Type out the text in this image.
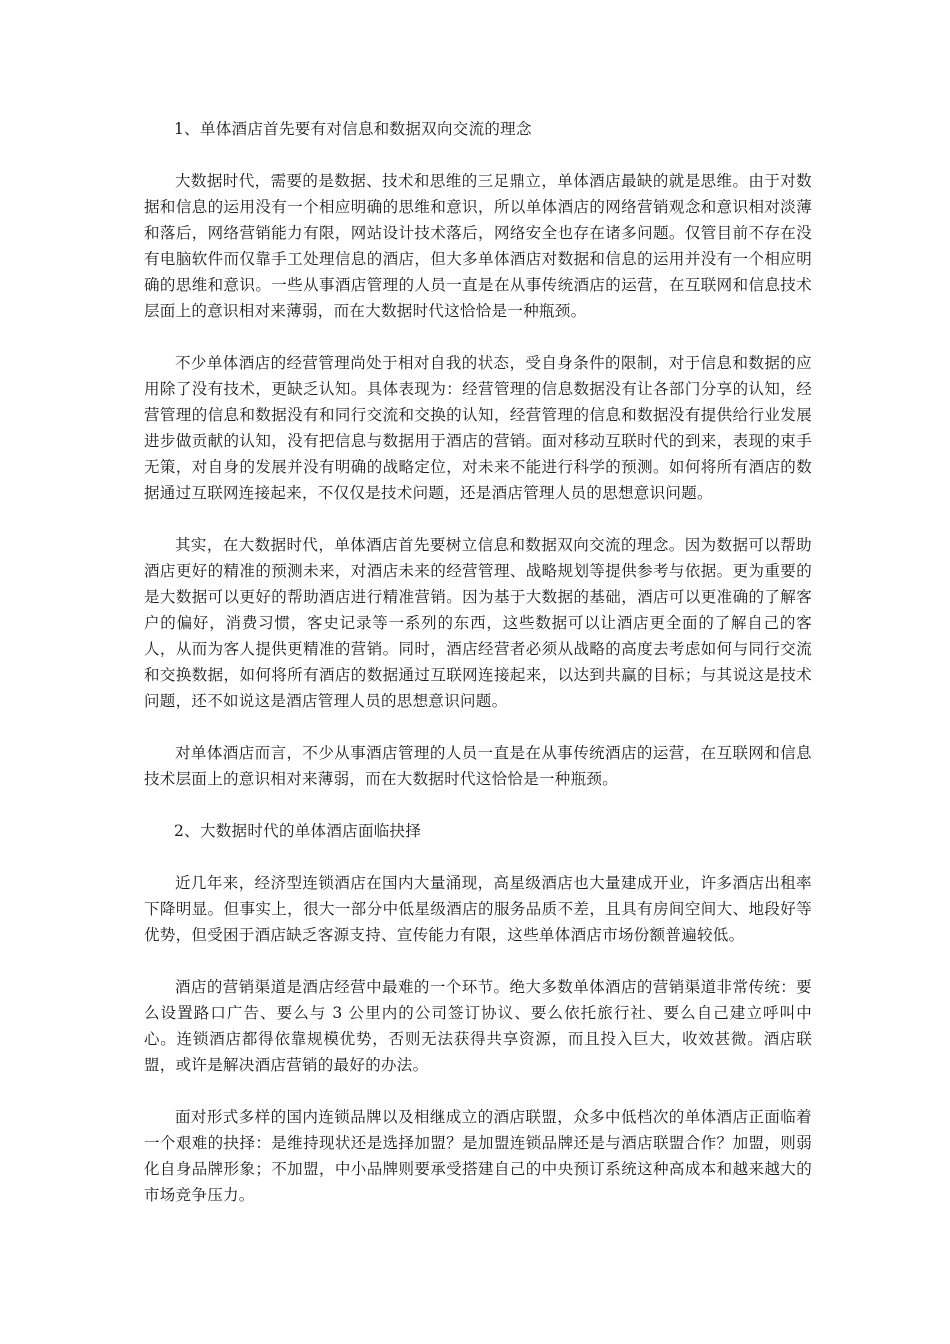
1、单体酒店首先要有对信息和数据双向交流的理念

大数据时代，需要的是数据、技术和思维的三足鼎立，单体酒店最缺的就是思维。由于对数据和信息的运用没有一个相应明确的思维和意识，所以单体酒店的网络营销观念和意识相对淡薄和落后，网络营销能力有限，网站设计技术落后，网络安全也存在诸多问题。仅管目前不存在没有电脑软件而仅靠手工处理信息的酒店，但大多单体酒店对数据和信息的运用并没有一个相应明确的思维和意识。一些从事酒店管理的人员一直是在从事传统酒店的运营，在互联网和信息技术层面上的意识相对来薄弱，而在大数据时代这恰恰是一种瓶颈。

不少单体酒店的经营管理尚处于相对自我的状态，受自身条件的限制，对于信息和数据的应用除了没有技术，更缺乏认知。具体表现为：经营管理的信息数据没有让各部门分享的认知，经营管理的信息和数据没有和同行交流和交换的认知，经营管理的信息和数据没有提供给行业发展进步做贡献的认知，没有把信息与数据用于酒店的营销。面对移动互联时代的到来，表现的束手无策，对自身的发展并没有明确的战略定位，对未来不能进行科学的预测。如何将所有酒店的数据通过互联网连接起来，不仅仅是技术问题，还是酒店管理人员的思想意识问题。

其实，在大数据时代，单体酒店首先要树立信息和数据双向交流的理念。因为数据可以帮助酒店更好的精准的预测未来，对酒店未来的经营管理、战略规划等提供参考与依据。更为重要的是大数据可以更好的帮助酒店进行精准营销。因为基于大数据的基础，酒店可以更准确的了解客户的偏好，消费习惯，客史记录等一系列的东西，这些数据可以让酒店更全面的了解自己的客人，从而为客人提供更精准的营销。同时，酒店经营者必须从战略的高度去考虑如何与同行交流和交换数据，如何将所有酒店的数据通过互联网连接起来，以达到共赢的目标；与其说这是技术问题，还不如说这是酒店管理人员的思想意识问题。

对单体酒店而言，不少从事酒店管理的人员一直是在从事传统酒店的运营，在互联网和信息技术层面上的意识相对来薄弱，而在大数据时代这恰恰是一种瓶颈。

2、大数据时代的单体酒店面临抉择

近几年来，经济型连锁酒店在国内大量涌现，高星级酒店也大量建成开业，许多酒店出租率下降明显。但事实上，很大一部分中低星级酒店的服务品质不差，且具有房间空间大、地段好等优势，但受困于酒店缺乏客源支持、宣传能力有限，这些单体酒店市场份额普遍较低。

酒店的营销渠道是酒店经营中最难的一个环节。绝大多数单体酒店的营销渠道非常传统：要么设置路口广告、要么与 3 公里内的公司签订协议、要么依托旅行社、要么自己建立呼叫中心。连锁酒店都得依靠规模优势，否则无法获得共享资源，而且投入巨大，收效甚微。酒店联盟，或许是解决酒店营销的最好的办法。

面对形式多样的国内连锁品牌以及相继成立的酒店联盟，众多中低档次的单体酒店正面临着一个艰难的抉择：是维持现状还是选择加盟？是加盟连锁品牌还是与酒店联盟合作？加盟，则弱化自身品牌形象；不加盟，中小品牌则要承受搭建自己的中央预订系统这种高成本和越来越大的市场竞争压力。
